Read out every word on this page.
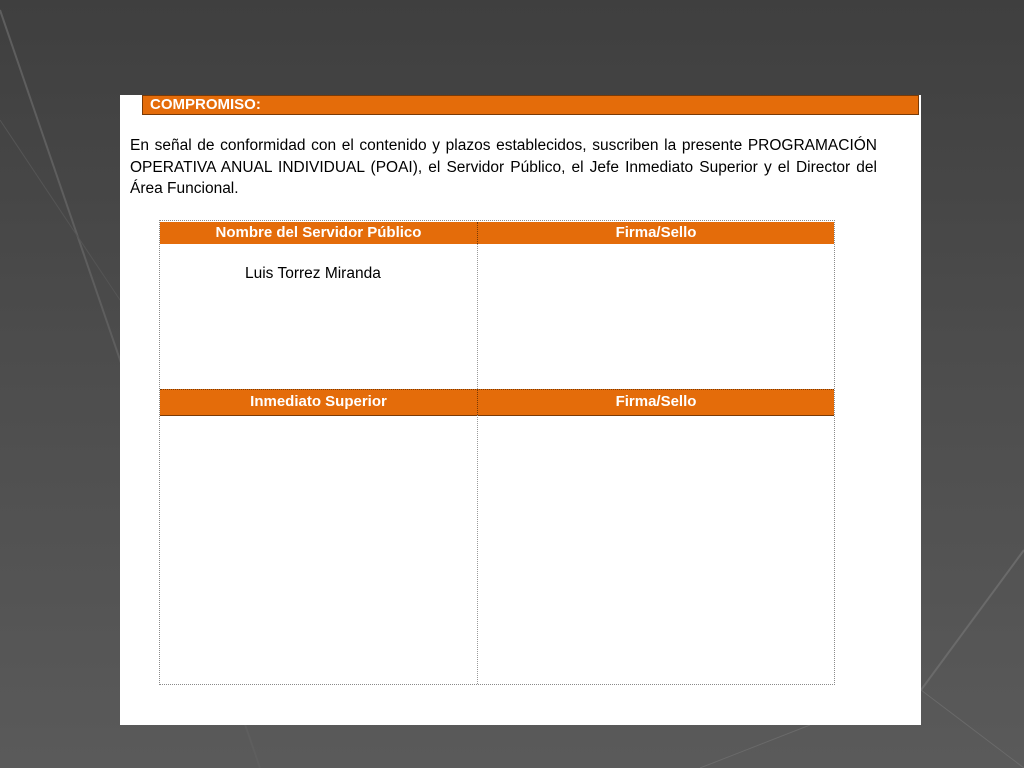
COMPROMISO:

En señal de conformidad con el contenido y plazos establecidos, suscriben la presente PROGRAMACIÓN OPERATIVA ANUAL INDIVIDUAL (POAI), el Servidor Público, el Jefe Inmediato Superior y el Director del Área Funcional.

Nombre del Servidor Público	Firma/Sello
Luis Torrez Miranda
Inmediato Superior	Firma/Sello
